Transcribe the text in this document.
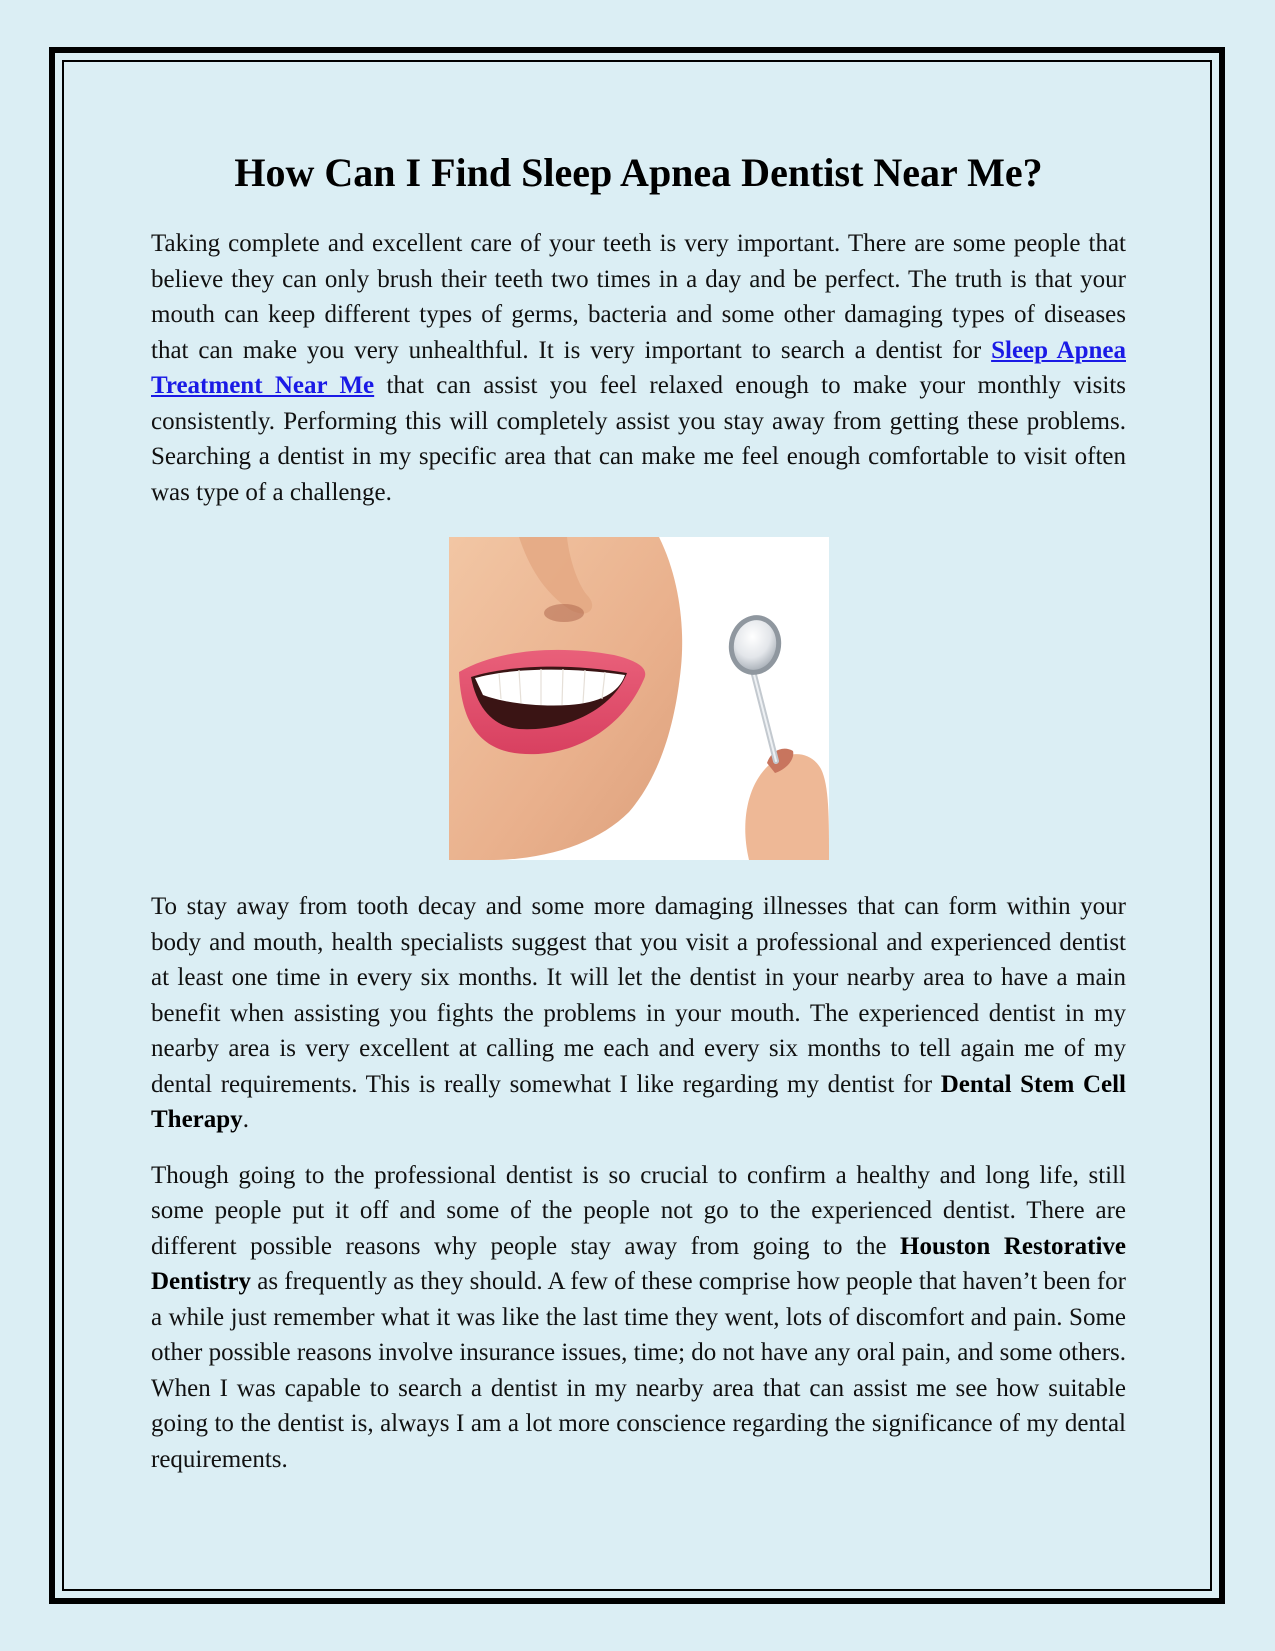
How Can I Find Sleep Apnea Dentist Near Me?

Taking complete and excellent care of your teeth is very important. There are some people that believe they can only brush their teeth two times in a day and be perfect. The truth is that your mouth can keep different types of germs, bacteria and some other damaging types of diseases that can make you very unhealthful. It is very important to search a dentist for Sleep Apnea Treatment Near Me that can assist you feel relaxed enough to make your monthly visits consistently. Performing this will completely assist you stay away from getting these problems. Searching a dentist in my specific area that can make me feel enough comfortable to visit often was type of a challenge.

To stay away from tooth decay and some more damaging illnesses that can form within your body and mouth, health specialists suggest that you visit a professional and experienced dentist at least one time in every six months. It will let the dentist in your nearby area to have a main benefit when assisting you fights the problems in your mouth. The experienced dentist in my nearby area is very excellent at calling me each and every six months to tell again me of my dental requirements. This is really somewhat I like regarding my dentist for Dental Stem Cell Therapy.

Though going to the professional dentist is so crucial to confirm a healthy and long life, still some people put it off and some of the people not go to the experienced dentist. There are different possible reasons why people stay away from going to the Houston Restorative Dentistry as frequently as they should. A few of these comprise how people that haven’t been for a while just remember what it was like the last time they went, lots of discomfort and pain. Some other possible reasons involve insurance issues, time; do not have any oral pain, and some others. When I was capable to search a dentist in my nearby area that can assist me see how suitable going to the dentist is, always I am a lot more conscience regarding the significance of my dental requirements.
